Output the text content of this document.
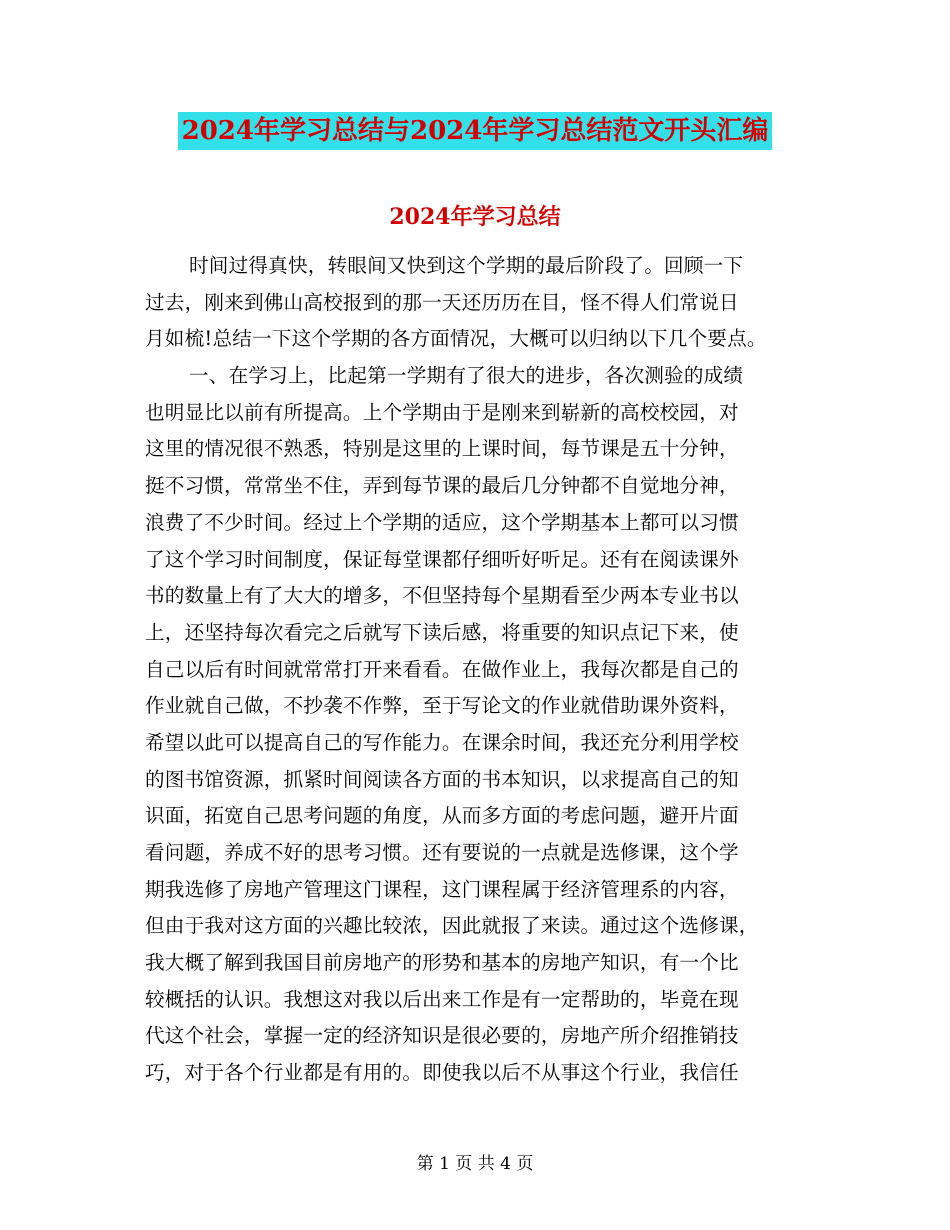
2024年学习总结与2024年学习总结范文开头汇编
2024年学习总结
时间过得真快，转眼间又快到这个学期的最后阶段了。回顾一下
过去，刚来到佛山高校报到的那一天还历历在目，怪不得人们常说日
月如梳!总结一下这个学期的各方面情况，大概可以归纳以下几个要点。
一、在学习上，比起第一学期有了很大的进步，各次测验的成绩
也明显比以前有所提高。上个学期由于是刚来到崭新的高校校园，对
这里的情况很不熟悉，特别是这里的上课时间，每节课是五十分钟，
挺不习惯，常常坐不住，弄到每节课的最后几分钟都不自觉地分神，
浪费了不少时间。经过上个学期的适应，这个学期基本上都可以习惯
了这个学习时间制度，保证每堂课都仔细听好听足。还有在阅读课外
书的数量上有了大大的增多，不但坚持每个星期看至少两本专业书以
上，还坚持每次看完之后就写下读后感，将重要的知识点记下来，使
自己以后有时间就常常打开来看看。在做作业上，我每次都是自己的
作业就自己做，不抄袭不作弊，至于写论文的作业就借助课外资料，
希望以此可以提高自己的写作能力。在课余时间，我还充分利用学校
的图书馆资源，抓紧时间阅读各方面的书本知识，以求提高自己的知
识面，拓宽自己思考问题的角度，从而多方面的考虑问题，避开片面
看问题，养成不好的思考习惯。还有要说的一点就是选修课，这个学
期我选修了房地产管理这门课程，这门课程属于经济管理系的内容，
但由于我对这方面的兴趣比较浓，因此就报了来读。通过这个选修课，
我大概了解到我国目前房地产的形势和基本的房地产知识，有一个比
较概括的认识。我想这对我以后出来工作是有一定帮助的，毕竟在现
代这个社会，掌握一定的经济知识是很必要的，房地产所介绍推销技
巧，对于各个行业都是有用的。即使我以后不从事这个行业，我信任
第 1 页 共 4 页
